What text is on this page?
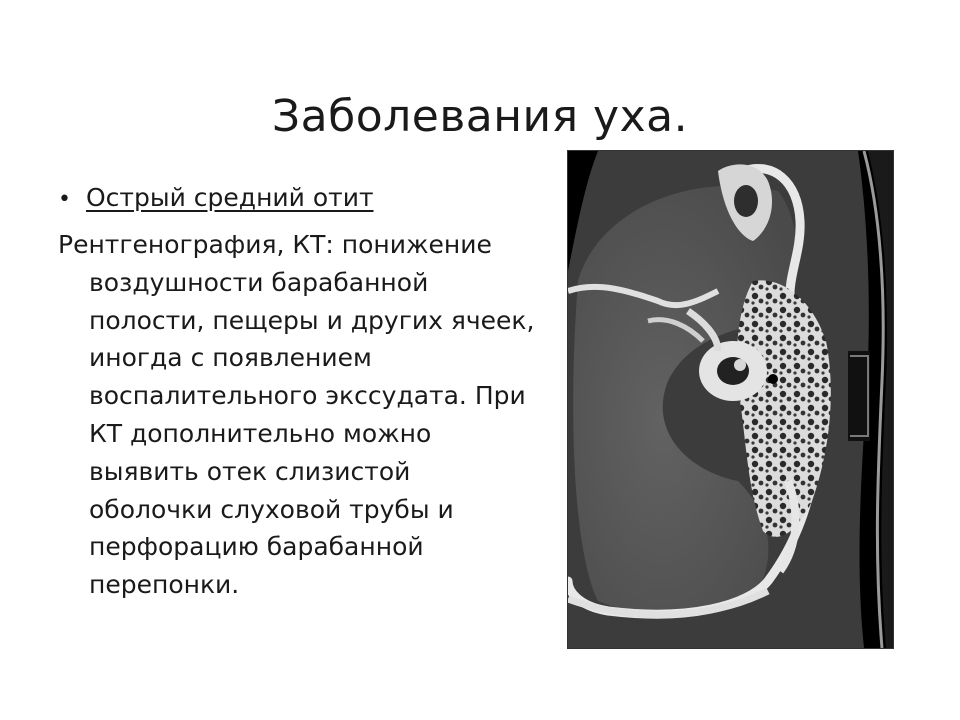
Заболевания уха.
• Острый средний отит

Рентгенография, КТ: понижение воздушности барабанной полости, пещеры и других ячеек, иногда с появлением воспалительного экссудата. При КТ дополнительно можно выявить отек слизистой оболочки слуховой трубы и перфорацию барабанной перепонки.
